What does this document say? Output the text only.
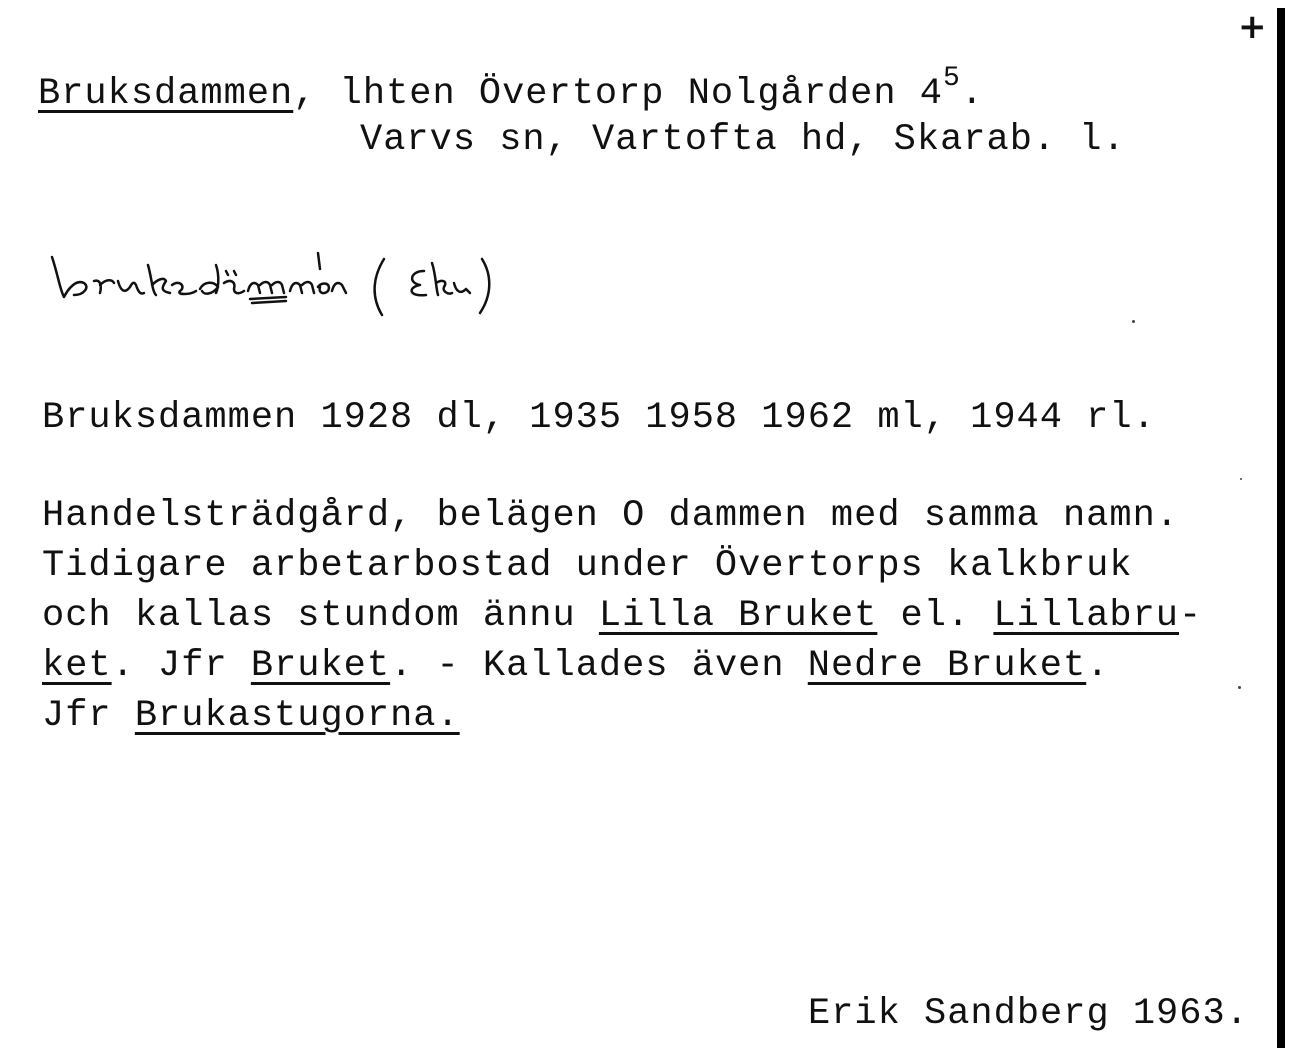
+
Bruksdammen, lhten Övertorp Nolgården $4^5$.
Varvs sn, Vartofta hd, Skarab. l.
bruksdämmen (Eku)
Bruksdammen 1928 dl, 1935 1958 1962 ml, 1944 rl.
Handelsträdgård, belägen O dammen med samma namn.
Tidigare arbetarbostad under Övertorps kalkbruk
och kallas stundom ännu Lilla Bruket el. Lillabru-
ket. Jfr Bruket. - Kallades även Nedre Bruket.
Jfr Brukastugorna.
Erik Sandberg 1963.
